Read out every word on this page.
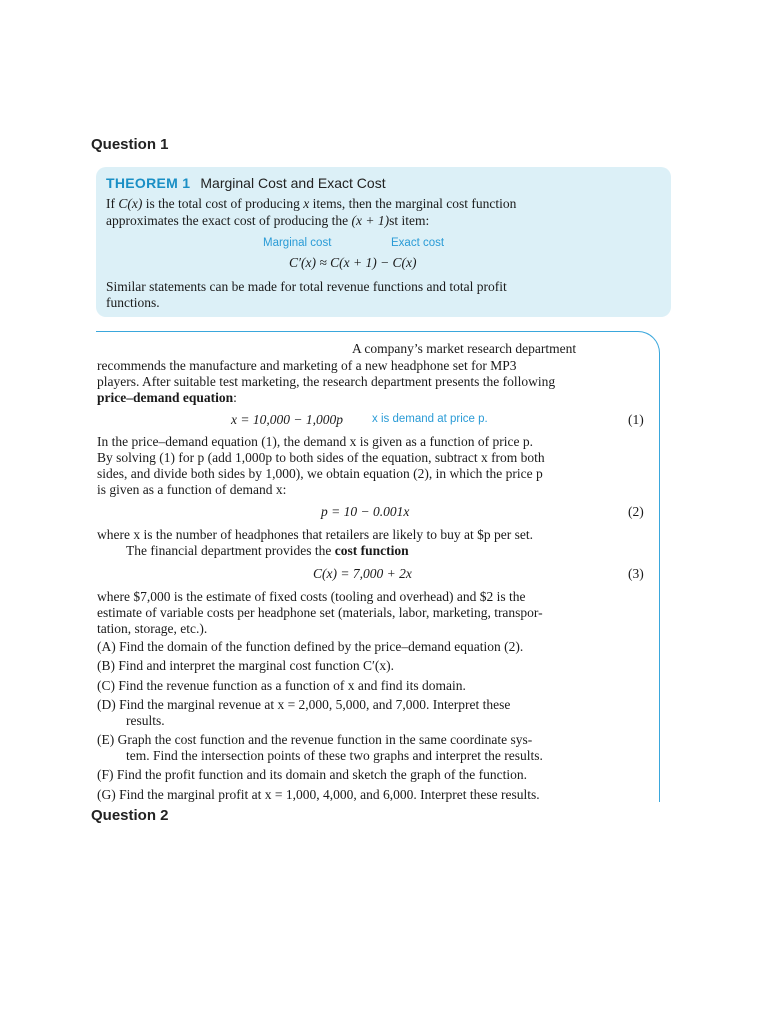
Question 1
THEOREM 1 Marginal Cost and Exact Cost
If C(x) is the total cost of producing x items, then the marginal cost function
approximates the exact cost of producing the (x + 1)st item:
Marginal cost	Exact cost
C′(x) ≈ C(x + 1) − C(x)
Similar statements can be made for total revenue functions and total profit
functions.
A company’s market research department
recommends the manufacture and marketing of a new headphone set for MP3
players. After suitable test marketing, the research department presents the following
price–demand equation:
x = 10,000 − 1,000p	x is demand at price p.	(1)
In the price–demand equation (1), the demand x is given as a function of price p.
By solving (1) for p (add 1,000p to both sides of the equation, subtract x from both
sides, and divide both sides by 1,000), we obtain equation (2), in which the price p
is given as a function of demand x:
p = 10 − 0.001x	(2)
where x is the number of headphones that retailers are likely to buy at $p per set.
The financial department provides the cost function
C(x) = 7,000 + 2x	(3)
where $7,000 is the estimate of fixed costs (tooling and overhead) and $2 is the
estimate of variable costs per headphone set (materials, labor, marketing, transpor-
tation, storage, etc.).
(A) Find the domain of the function defined by the price–demand equation (2).
(B) Find and interpret the marginal cost function C′(x).
(C) Find the revenue function as a function of x and find its domain.
(D) Find the marginal revenue at x = 2,000, 5,000, and 7,000. Interpret these
results.
(E) Graph the cost function and the revenue function in the same coordinate sys-
tem. Find the intersection points of these two graphs and interpret the results.
(F) Find the profit function and its domain and sketch the graph of the function.
(G) Find the marginal profit at x = 1,000, 4,000, and 6,000. Interpret these results.
Question 2
